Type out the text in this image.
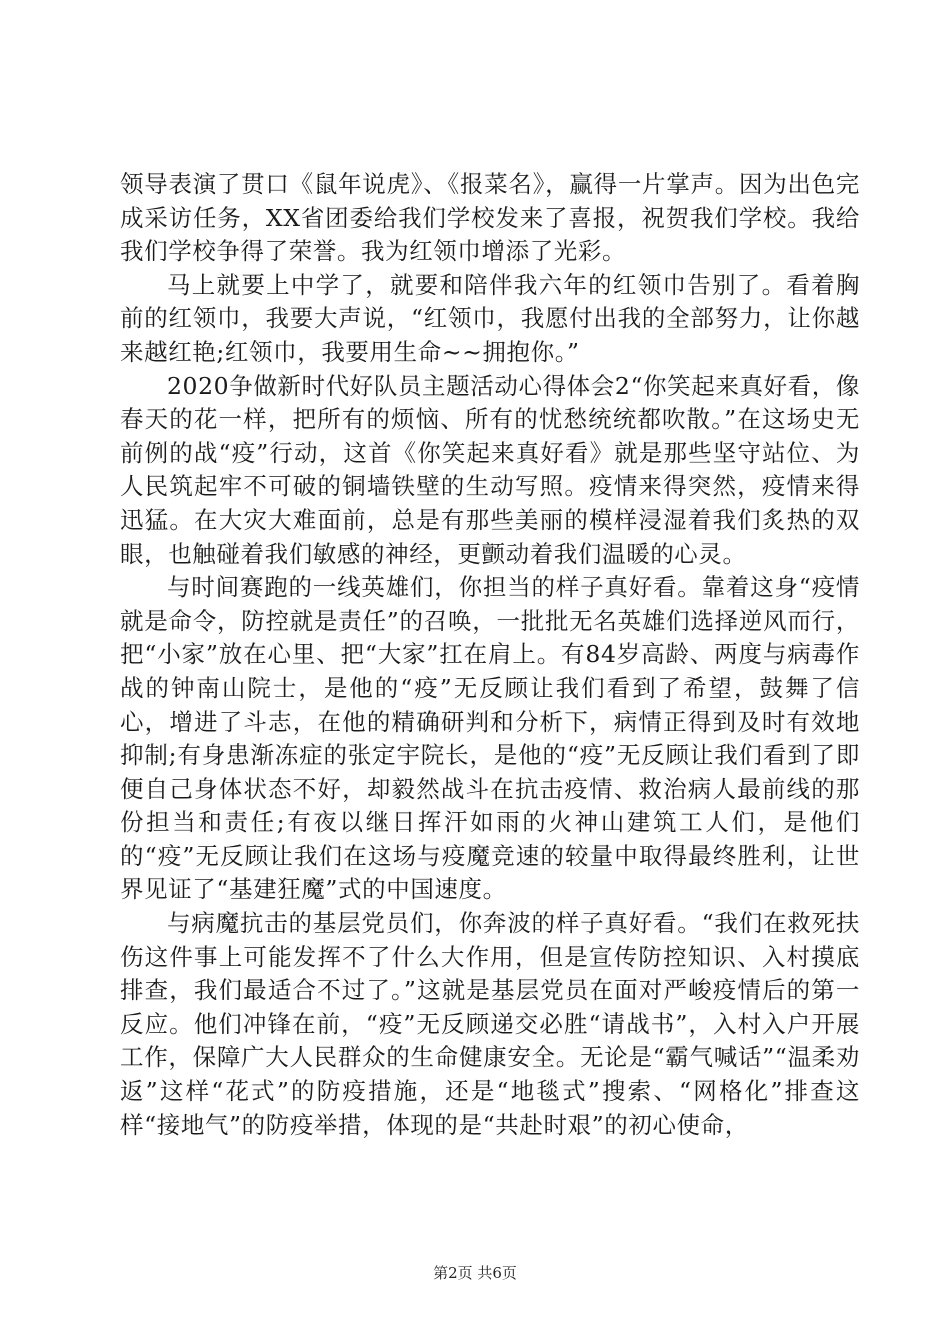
领导表演了贯口《鼠年说虎》、《报菜名》，赢得一片掌声。因为出色完成采访任务，XX省团委给我们学校发来了喜报，祝贺我们学校。我给我们学校争得了荣誉。我为红领巾增添了光彩。

马上就要上中学了，就要和陪伴我六年的红领巾告别了。看着胸前的红领巾，我要大声说，“红领巾，我愿付出我的全部努力，让你越来越红艳;红领巾，我要用生命~~拥抱你。”

2020争做新时代好队员主题活动心得体会2“你笑起来真好看，像春天的花一样，把所有的烦恼、所有的忧愁统统都吹散。”在这场史无前例的战“疫”行动，这首《你笑起来真好看》就是那些坚守站位、为人民筑起牢不可破的铜墙铁壁的生动写照。疫情来得突然，疫情来得迅猛。在大灾大难面前，总是有那些美丽的模样浸湿着我们炙热的双眼，也触碰着我们敏感的神经，更颤动着我们温暖的心灵。

与时间赛跑的一线英雄们，你担当的样子真好看。靠着这身“疫情就是命令，防控就是责任”的召唤，一批批无名英雄们选择逆风而行，把“小家”放在心里、把“大家”扛在肩上。有84岁高龄、两度与病毒作战的钟南山院士，是他的“疫”无反顾让我们看到了希望，鼓舞了信心，增进了斗志，在他的精确研判和分析下，病情正得到及时有效地抑制;有身患渐冻症的张定宇院长，是他的“疫”无反顾让我们看到了即便自己身体状态不好，却毅然战斗在抗击疫情、救治病人最前线的那份担当和责任;有夜以继日挥汗如雨的火神山建筑工人们，是他们的“疫”无反顾让我们在这场与疫魔竞速的较量中取得最终胜利，让世界见证了“基建狂魔”式的中国速度。

与病魔抗击的基层党员们，你奔波的样子真好看。“我们在救死扶伤这件事上可能发挥不了什么大作用，但是宣传防控知识、入村摸底排查，我们最适合不过了。”这就是基层党员在面对严峻疫情后的第一反应。他们冲锋在前，“疫”无反顾递交必胜“请战书”，入村入户开展工作，保障广大人民群众的生命健康安全。无论是“霸气喊话”“温柔劝返”这样“花式”的防疫措施，还是“地毯式”搜索、“网格化”排查这样“接地气”的防疫举措，体现的是“共赴时艰”的初心使命，

第2页 共6页
